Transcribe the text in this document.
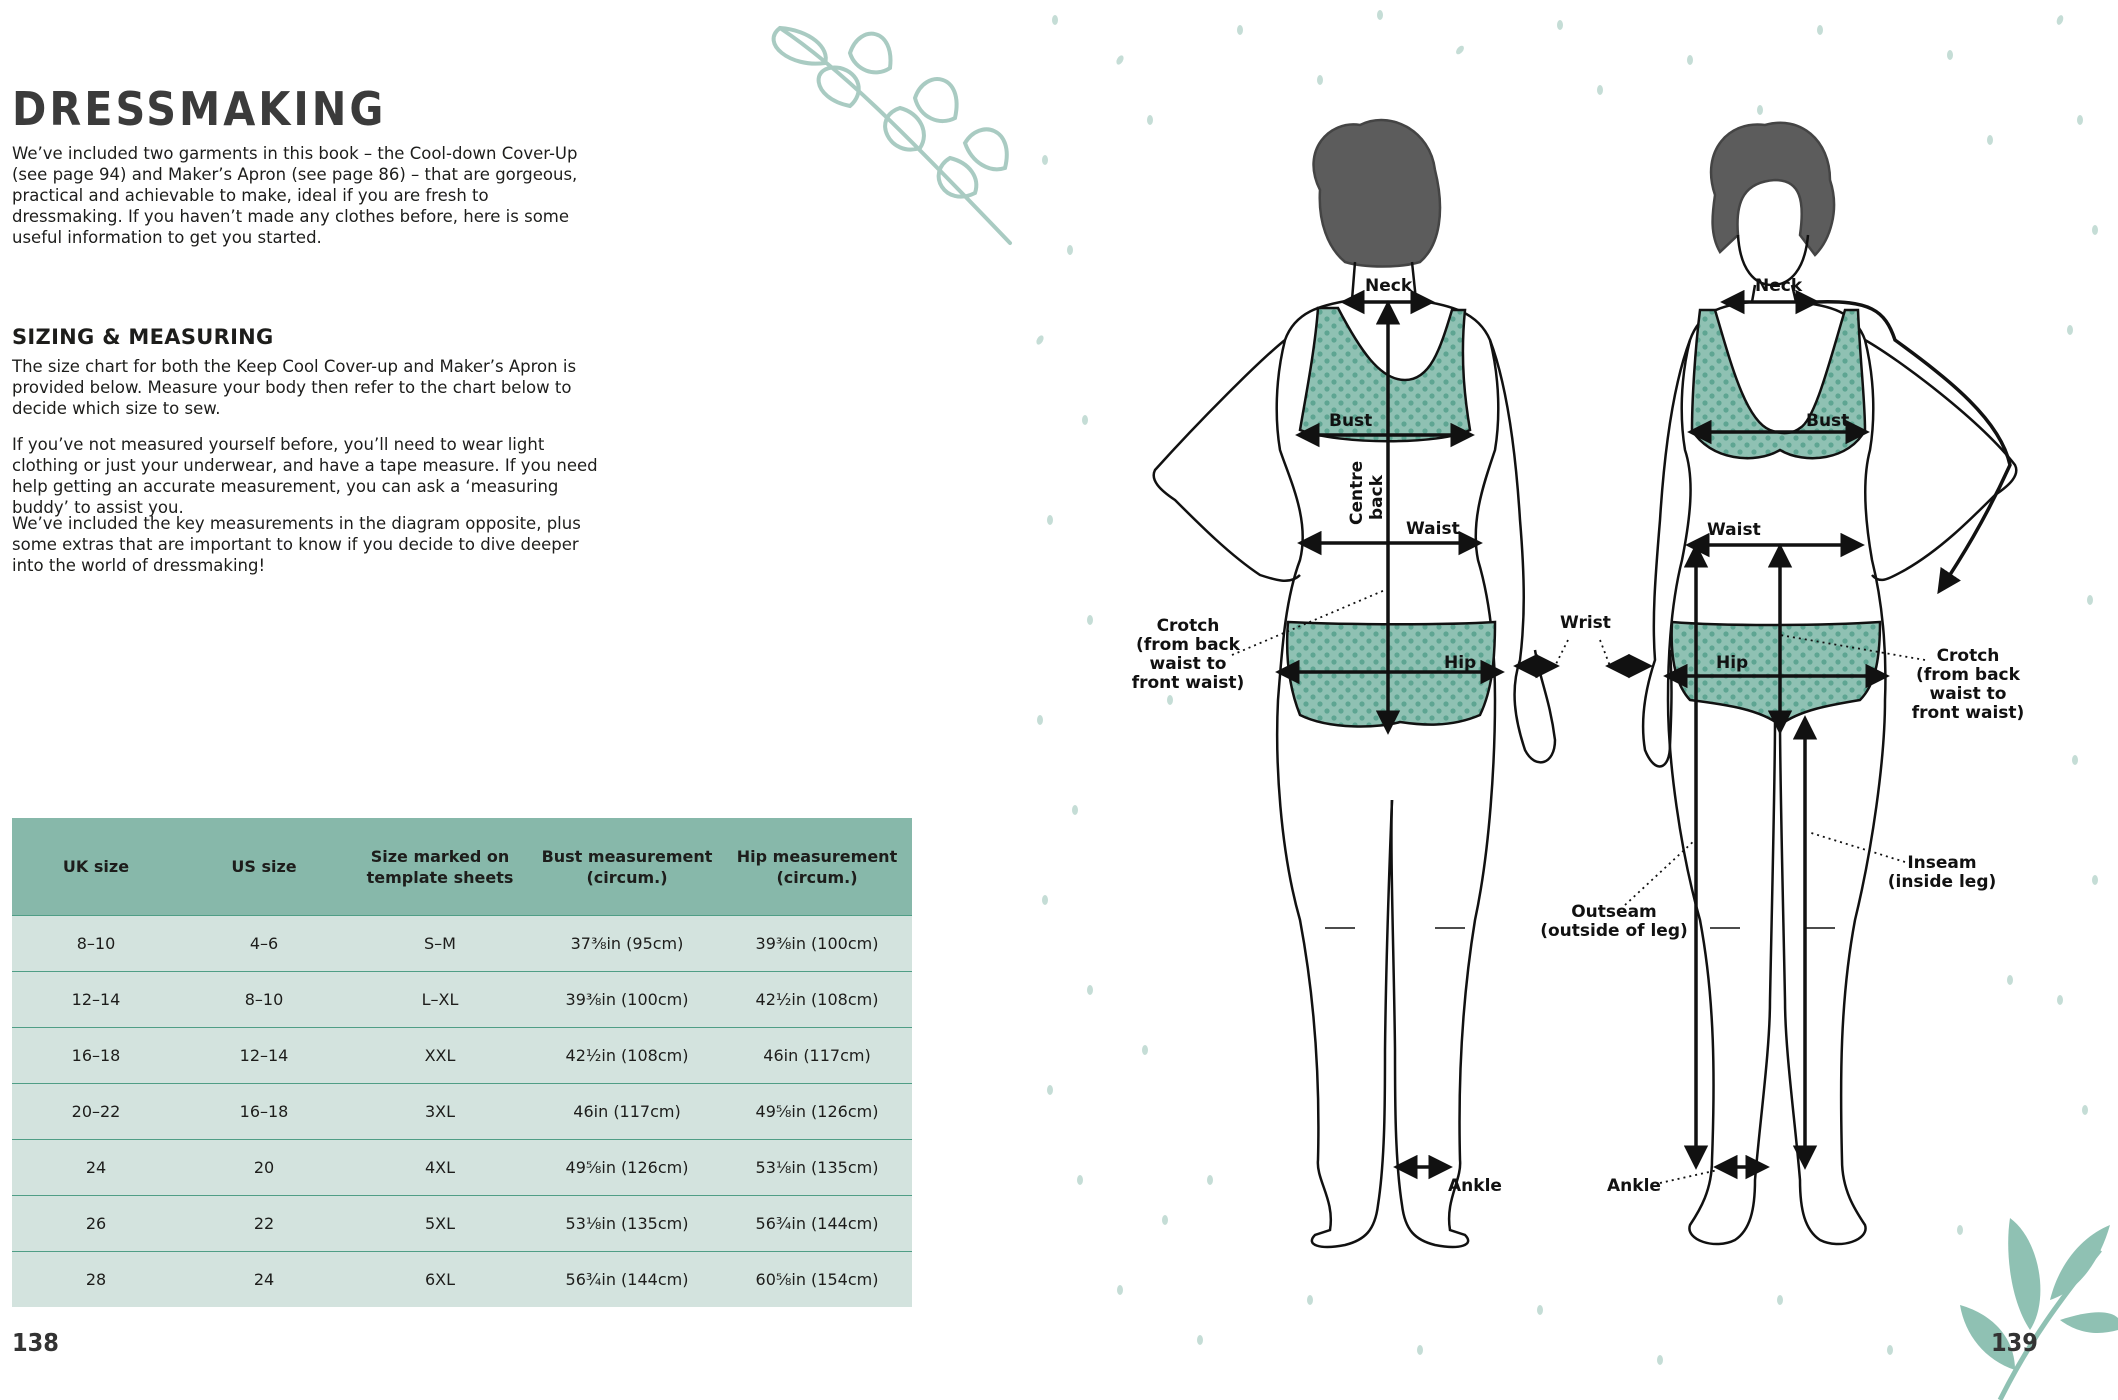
DRESSMAKING

We’ve included two garments in this book – the Cool-down Cover-Up (see page 94) and Maker’s Apron (see page 86) – that are gorgeous, practical and achievable to make, ideal if you are fresh to dressmaking. If you haven’t made any clothes before, here is some useful information to get you started.

SIZING & MEASURING

The size chart for both the Keep Cool Cover-up and Maker’s Apron is provided below. Measure your body then refer to the chart below to decide which size to sew.

If you’ve not measured yourself before, you’ll need to wear light clothing or just your underwear, and have a tape measure. If you need help getting an accurate measurement, you can ask a ‘measuring buddy’ to assist you.

We’ve included the key measurements in the diagram opposite, plus some extras that are important to know if you decide to dive deeper into the world of dressmaking!

UK size	US size	Size marked on template sheets	Bust measurement (circum.)	Hip measurement (circum.)
8–10	4–6	S–M	37⅜in (95cm)	39⅜in (100cm)
12–14	8–10	L–XL	39⅜in (100cm)	42½in (108cm)
16–18	12–14	XXL	42½in (108cm)	46in (117cm)
20–22	16–18	3XL	46in (117cm)	49⅝in (126cm)
24	20	4XL	49⅝in (126cm)	53⅛in (135cm)
26	22	5XL	53⅛in (135cm)	56¾in (144cm)
28	24	6XL	56¾in (144cm)	60⅝in (154cm)
138
Neck
Bust
Centre back
Waist
Hip
Crotch
(from back
waist to
front waist)
Wrist
Ankle
Neck
Bust
Waist
Hip	Crotch
(from back
waist to
front waist)
Inseam
(inside leg)
Outseam
(outside of leg)
Ankle
139
